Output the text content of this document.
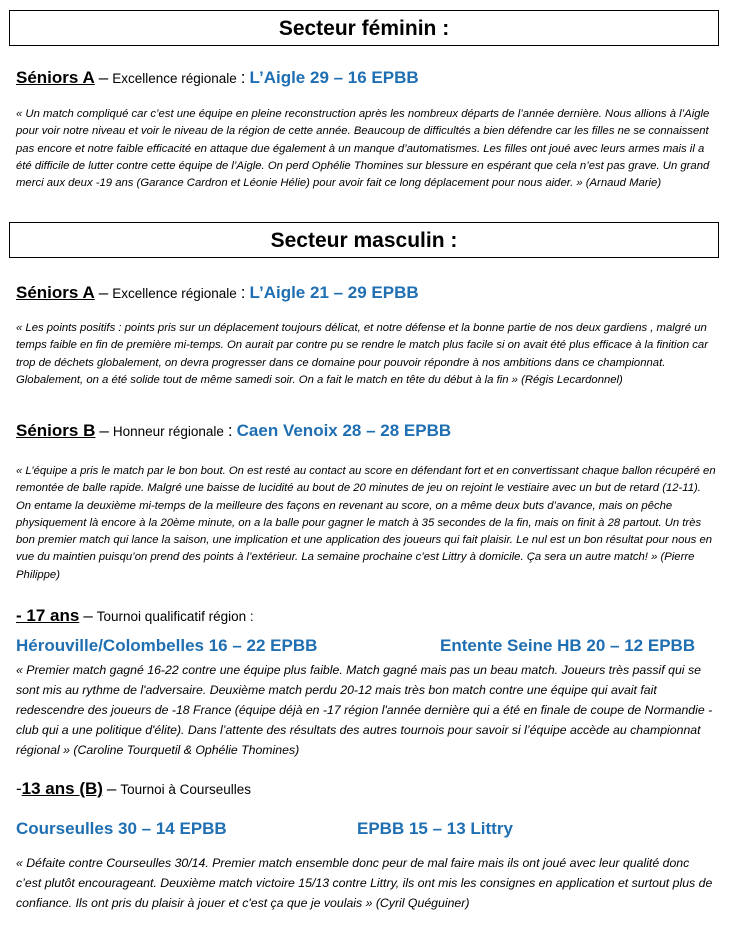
Secteur féminin :
Séniors A – Excellence régionale : L’Aigle 29 – 16 EPBB
« Un match compliqué car c’est une équipe en pleine reconstruction après les nombreux départs de l’année dernière. Nous allions à l’Aigle pour voir notre niveau et voir le niveau de la région de cette année. Beaucoup de difficultés a bien défendre car les filles ne se connaissent pas encore et notre faible efficacité en attaque due également à un manque d’automatismes. Les filles ont joué avec leurs armes mais il a été difficile de lutter contre cette équipe de l’Aigle. On perd Ophélie Thomines sur blessure en espérant que cela n’est pas grave. Un grand merci aux deux -19 ans (Garance Cardron et Léonie Hélie) pour avoir fait ce long déplacement pour nous aider. » (Arnaud Marie)
Secteur masculin :
Séniors A – Excellence régionale : L’Aigle 21 – 29 EPBB
« Les points positifs : points pris sur un déplacement toujours délicat, et notre défense et la bonne partie de nos deux gardiens , malgré un temps faible en fin de première mi-temps. On aurait par contre pu se rendre le match plus facile si on avait été plus efficace à la finition car trop de déchets globalement, on devra progresser dans ce domaine pour pouvoir répondre à nos ambitions dans ce championnat. Globalement, on a été solide tout de même samedi soir. On a fait le match en tête du début à la fin » (Régis Lecardonnel)
Séniors B – Honneur régionale : Caen Venoix 28 – 28 EPBB
« L’équipe a pris le match par le bon bout. On est resté au contact au score en défendant fort et en convertissant chaque ballon récupéré en remontée de balle rapide. Malgré une baisse de lucidité au bout de 20 minutes de jeu on rejoint le vestiaire avec un but de retard (12-11). On entame la deuxième mi-temps de la meilleure des façons en revenant au score, on a même deux buts d’avance, mais on pêche physiquement là encore à la 20ème minute, on a la balle pour gagner le match à 35 secondes de la fin, mais on finit à 28 partout. Un très bon premier match qui lance la saison, une implication et une application des joueurs qui fait plaisir. Le nul est un bon résultat pour nous en vue du maintien puisqu’on prend des points à l’extérieur. La semaine prochaine c’est Littry à domicile. Ça sera un autre match! » (Pierre Philippe)
- 17 ans – Tournoi qualificatif région :
Hérouville/Colombelles 16 – 22 EPBB	Entente Seine HB 20 – 12 EPBB
« Premier match gagné 16-22 contre une équipe plus faible. Match gagné mais pas un beau match. Joueurs très passif qui se sont mis au rythme de l'adversaire. Deuxième match perdu 20-12 mais très bon match contre une équipe qui avait fait redescendre des joueurs de -18 France (équipe déjà en -17 région l'année dernière qui a été en finale de coupe de Normandie - club qui a une politique d'élite). Dans l’attente des résultats des autres tournois pour savoir si l’équipe accède au championnat régional » (Caroline Tourquetil & Ophélie Thomines)
- 13 ans (B) – Tournoi à Courseulles
Courseulles 30 – 14 EPBB	EPBB 15 – 13 Littry
« Défaite contre Courseulles 30/14. Premier match ensemble donc peur de mal faire mais ils ont joué avec leur qualité donc c’est plutôt encourageant. Deuxième match victoire 15/13 contre Littry, ils ont mis les consignes en application et surtout plus de confiance. Ils ont pris du plaisir à jouer et c'est ça que je voulais » (Cyril Quéguiner)
